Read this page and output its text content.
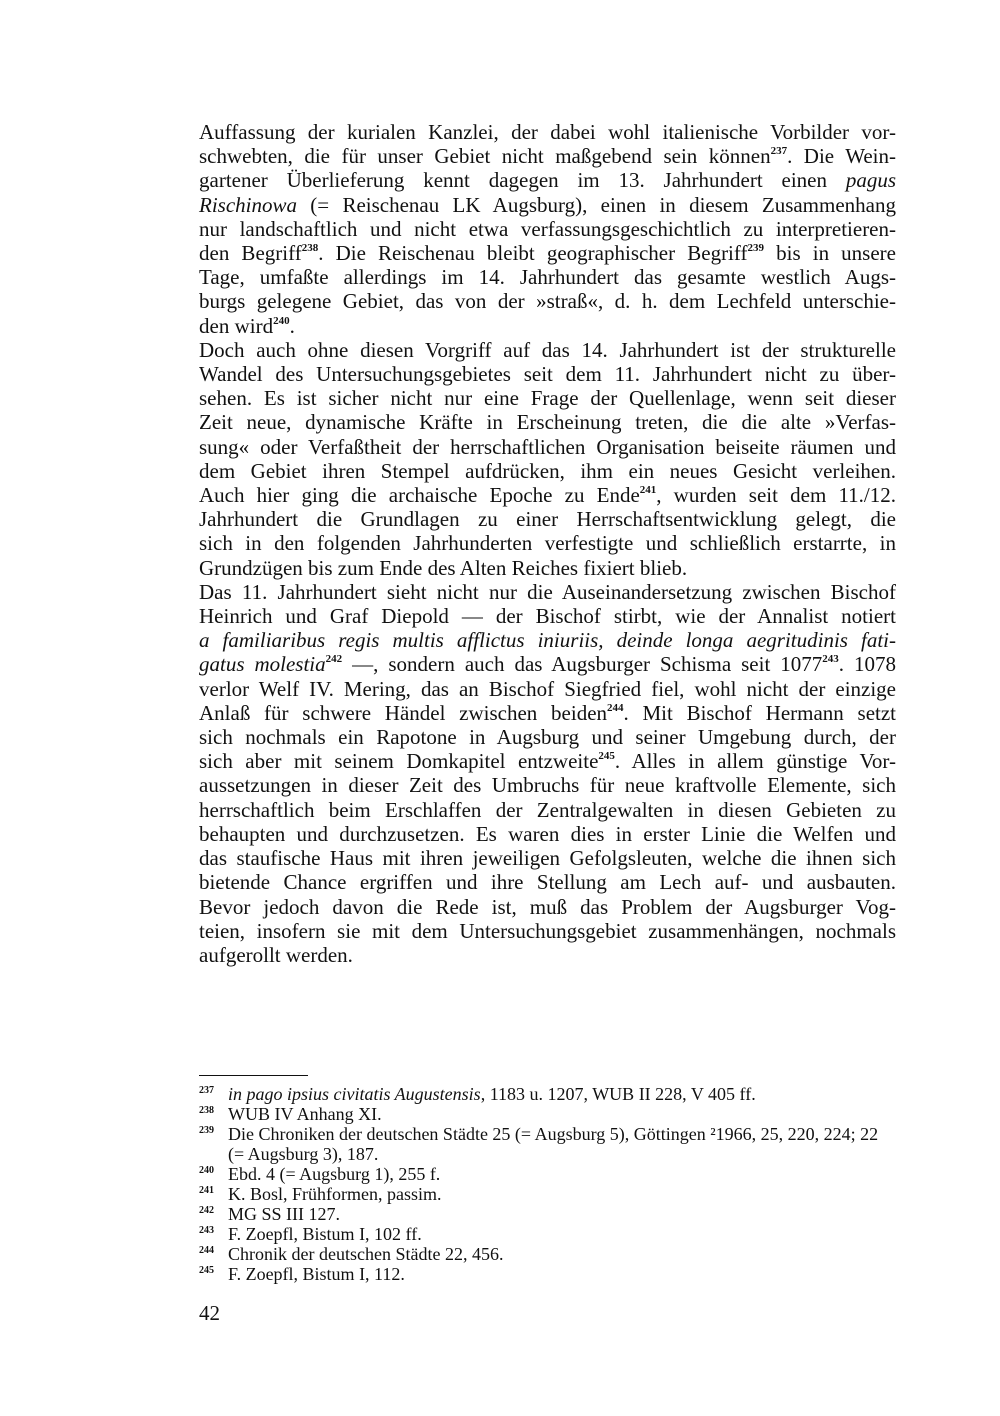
Auffassung der kurialen Kanzlei, der dabei wohl italienische Vorbilder vor-
schwebten, die für unser Gebiet nicht maßgebend sein können$^{237}$. Die Wein-
gartener Überlieferung kennt dagegen im 13. Jahrhundert einen pagus
Rischinowa (= Reischenau LK Augsburg), einen in diesem Zusammenhang
nur landschaftlich und nicht etwa verfassungsgeschichtlich zu interpretieren-
den Begriff$^{238}$. Die Reischenau bleibt geographischer Begriff$^{239}$ bis in unsere
Tage, umfaßte allerdings im 14. Jahrhundert das gesamte westlich Augs-
burgs gelegene Gebiet, das von der »straß«, d. h. dem Lechfeld unterschie-
den wird$^{240}$.
Doch auch ohne diesen Vorgriff auf das 14. Jahrhundert ist der strukturelle
Wandel des Untersuchungsgebietes seit dem 11. Jahrhundert nicht zu über-
sehen. Es ist sicher nicht nur eine Frage der Quellenlage, wenn seit dieser
Zeit neue, dynamische Kräfte in Erscheinung treten, die die alte »Verfas-
sung« oder Verfaßtheit der herrschaftlichen Organisation beiseite räumen und
dem Gebiet ihren Stempel aufdrücken, ihm ein neues Gesicht verleihen.
Auch hier ging die archaische Epoche zu Ende$^{241}$, wurden seit dem 11./12.
Jahrhundert die Grundlagen zu einer Herrschaftsentwicklung gelegt, die
sich in den folgenden Jahrhunderten verfestigte und schließlich erstarrte, in
Grundzügen bis zum Ende des Alten Reiches fixiert blieb.
Das 11. Jahrhundert sieht nicht nur die Auseinandersetzung zwischen Bischof
Heinrich und Graf Diepold — der Bischof stirbt, wie der Annalist notiert
a familiaribus regis multis afflictus iniuriis, deinde longa aegritudinis fati-
gatus molestia$^{242}$ —, sondern auch das Augsburger Schisma seit 1077$^{243}$. 1078
verlor Welf IV. Mering, das an Bischof Siegfried fiel, wohl nicht der einzige
Anlaß für schwere Händel zwischen beiden$^{244}$. Mit Bischof Hermann setzt
sich nochmals ein Rapotone in Augsburg und seiner Umgebung durch, der
sich aber mit seinem Domkapitel entzweite$^{245}$. Alles in allem günstige Vor-
aussetzungen in dieser Zeit des Umbruchs für neue kraftvolle Elemente, sich
herrschaftlich beim Erschlaffen der Zentralgewalten in diesen Gebieten zu
behaupten und durchzusetzen. Es waren dies in erster Linie die Welfen und
das staufische Haus mit ihren jeweiligen Gefolgsleuten, welche die ihnen sich
bietende Chance ergriffen und ihre Stellung am Lech auf- und ausbauten.
Bevor jedoch davon die Rede ist, muß das Problem der Augsburger Vog-
teien, insofern sie mit dem Untersuchungsgebiet zusammenhängen, nochmals
aufgerollt werden.
237 in pago ipsius civitatis Augustensis, 1183 u. 1207, WUB II 228, V 405 ff.
238 WUB IV Anhang XI.
239 Die Chroniken der deutschen Städte 25 (= Augsburg 5), Göttingen ²1966, 25, 220, 224; 22 (= Augsburg 3), 187.
240 Ebd. 4 (= Augsburg 1), 255 f.
241 K. Bosl, Frühformen, passim.
242 MG SS III 127.
243 F. Zoepfl, Bistum I, 102 ff.
244 Chronik der deutschen Städte 22, 456.
245 F. Zoepfl, Bistum I, 112.
42
